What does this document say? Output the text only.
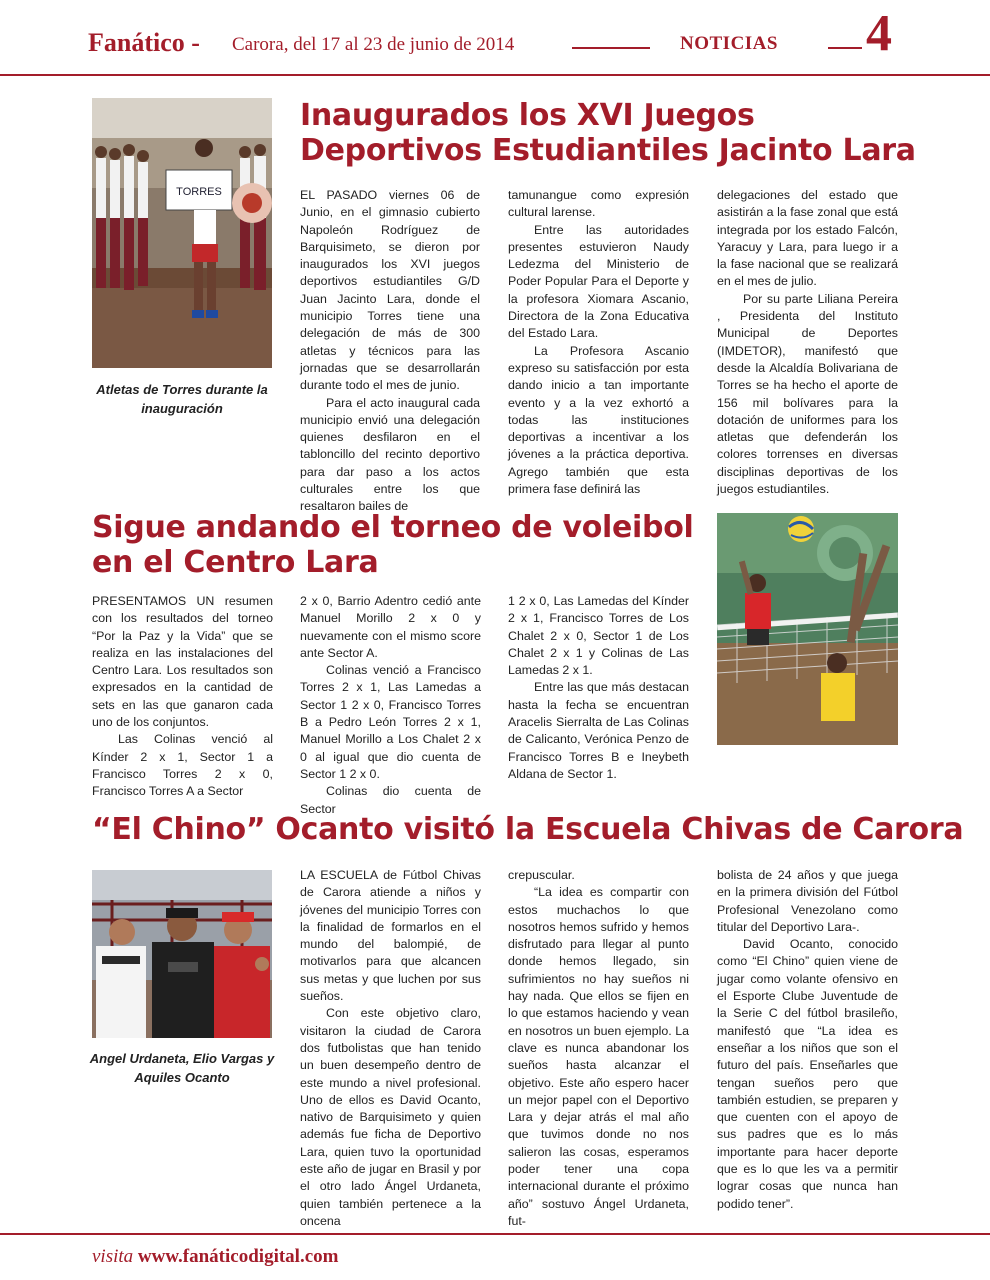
Fanático - Carora, del 17 al 23 de junio de 2014	NOTICIAS 4
TORRES
Atletas de Torres durante la inauguración
Inaugurados los XVI Juegos
Deportivos Estudiantiles Jacinto Lara

EL PASADO viernes 06 de Junio, en el gimnasio cubierto Napoleón Rodríguez de Barquisimeto, se dieron por inaugurados los XVI juegos deportivos estudiantiles G/D Juan Jacinto Lara, donde el municipio Torres tiene una delegación de más de 300 atletas y técnicos para las jornadas que se desarrollarán durante todo el mes de junio.

Para el acto inaugural cada municipio envió una delegación quienes desfilaron en el tabloncillo del recinto deportivo para dar paso a los actos culturales entre los que resaltaron bailes de

tamunangue como expresión cultural larense.

Entre las autoridades presentes estuvieron Naudy Ledezma del Ministerio de Poder Popular Para el Deporte y la profesora Xiomara Ascanio, Directora de la Zona Educativa del Estado Lara.

La Profesora Ascanio expreso su satisfacción por esta dando inicio a tan importante evento y a la vez exhortó a todas las instituciones deportivas a incentivar a los jóvenes a la práctica deportiva. Agrego también que esta primera fase definirá las

delegaciones del estado que asistirán a la fase zonal que está integrada por los estado Falcón, Yaracuy y Lara, para luego ir a la fase nacional que se realizará en el mes de julio.

Por su parte Liliana Pereira , Presidenta del Instituto Municipal de Deportes (IMDETOR), manifestó que desde la Alcaldía Bolivariana de Torres se ha hecho el aporte de 156 mil bolívares para la dotación de uniformes para los atletas que defenderán los colores torrenses en diversas disciplinas deportivas de los juegos estudiantiles.

Sigue andando el torneo de voleibol
en el Centro Lara

PRESENTAMOS UN resumen con los resultados del torneo “Por la Paz y la Vida” que se realiza en las instalaciones del Centro Lara. Los resultados son expresados en la cantidad de sets en las que ganaron cada uno de los conjuntos.

Las Colinas venció al Kínder 2 x 1, Sector 1 a Francisco Torres 2 x 0, Francisco Torres A a Sector

2 x 0, Barrio Adentro cedió ante Manuel Morillo 2 x 0 y nuevamente con el mismo score ante Sector A.

Colinas venció a Francisco Torres 2 x 1, Las Lamedas a Sector 1 2 x 0, Francisco Torres B a Pedro León Torres 2 x 1, Manuel Morillo a Los Chalet 2 x 0 al igual que dio cuenta de Sector 1 2 x 0.

Colinas dio cuenta de Sector

1 2 x 0, Las Lamedas del Kínder 2 x 1, Francisco Torres de Los Chalet 2 x 0, Sector 1 de Los Chalet 2 x 1 y Colinas de Las Lamedas 2 x 1.

Entre las que más destacan hasta la fecha se encuentran Aracelis Sierralta de Las Colinas de Calicanto, Verónica Penzo de Francisco Torres B e Ineybeth Aldana de Sector 1.

“El Chino” Ocanto visitó la Escuela Chivas de Carora
Angel Urdaneta, Elio Vargas y Aquiles Ocanto

LA ESCUELA de Fútbol Chivas de Carora atiende a niños y jóvenes del municipio Torres con la finalidad de formarlos en el mundo del balompié, de motivarlos para que alcancen sus metas y que luchen por sus sueños.

Con este objetivo claro, visitaron la ciudad de Carora dos futbolistas que han tenido un buen desempeño dentro de este mundo a nivel profesional. Uno de ellos es David Ocanto, nativo de Barquisimeto y quien además fue ficha de Deportivo Lara, quien tuvo la oportunidad este año de jugar en Brasil y por el otro lado Ángel Urdaneta, quien también pertenece a la oncena

crepuscular.

“La idea es compartir con estos muchachos lo que nosotros hemos sufrido y hemos disfrutado para llegar al punto donde hemos llegado, sin sufrimientos no hay sueños ni hay nada. Que ellos se fijen en lo que estamos haciendo y vean en nosotros un buen ejemplo. La clave es nunca abandonar los sueños hasta alcanzar el objetivo. Este año espero hacer un mejor papel con el Deportivo Lara y dejar atrás el mal año que tuvimos donde no nos salieron las cosas, esperamos poder tener una copa internacional durante el próximo año” sostuvo Ángel Urdaneta, fut-

bolista de 24 años y que juega en la primera división del Fútbol Profesional Venezolano como titular del Deportivo Lara-.

David Ocanto, conocido como “El Chino” quien viene de jugar como volante ofensivo en el Esporte Clube Juventude de la Serie C del fútbol brasileño, manifestó que “La idea es enseñar a los niños que son el futuro del país. Enseñarles que tengan sueños pero que también estudien, se preparen y que cuenten con el apoyo de sus padres que es lo más importante para hacer deporte que es lo que les va a permitir lograr cosas que nunca han podido tener”.

visita www.fanáticodigital.com
